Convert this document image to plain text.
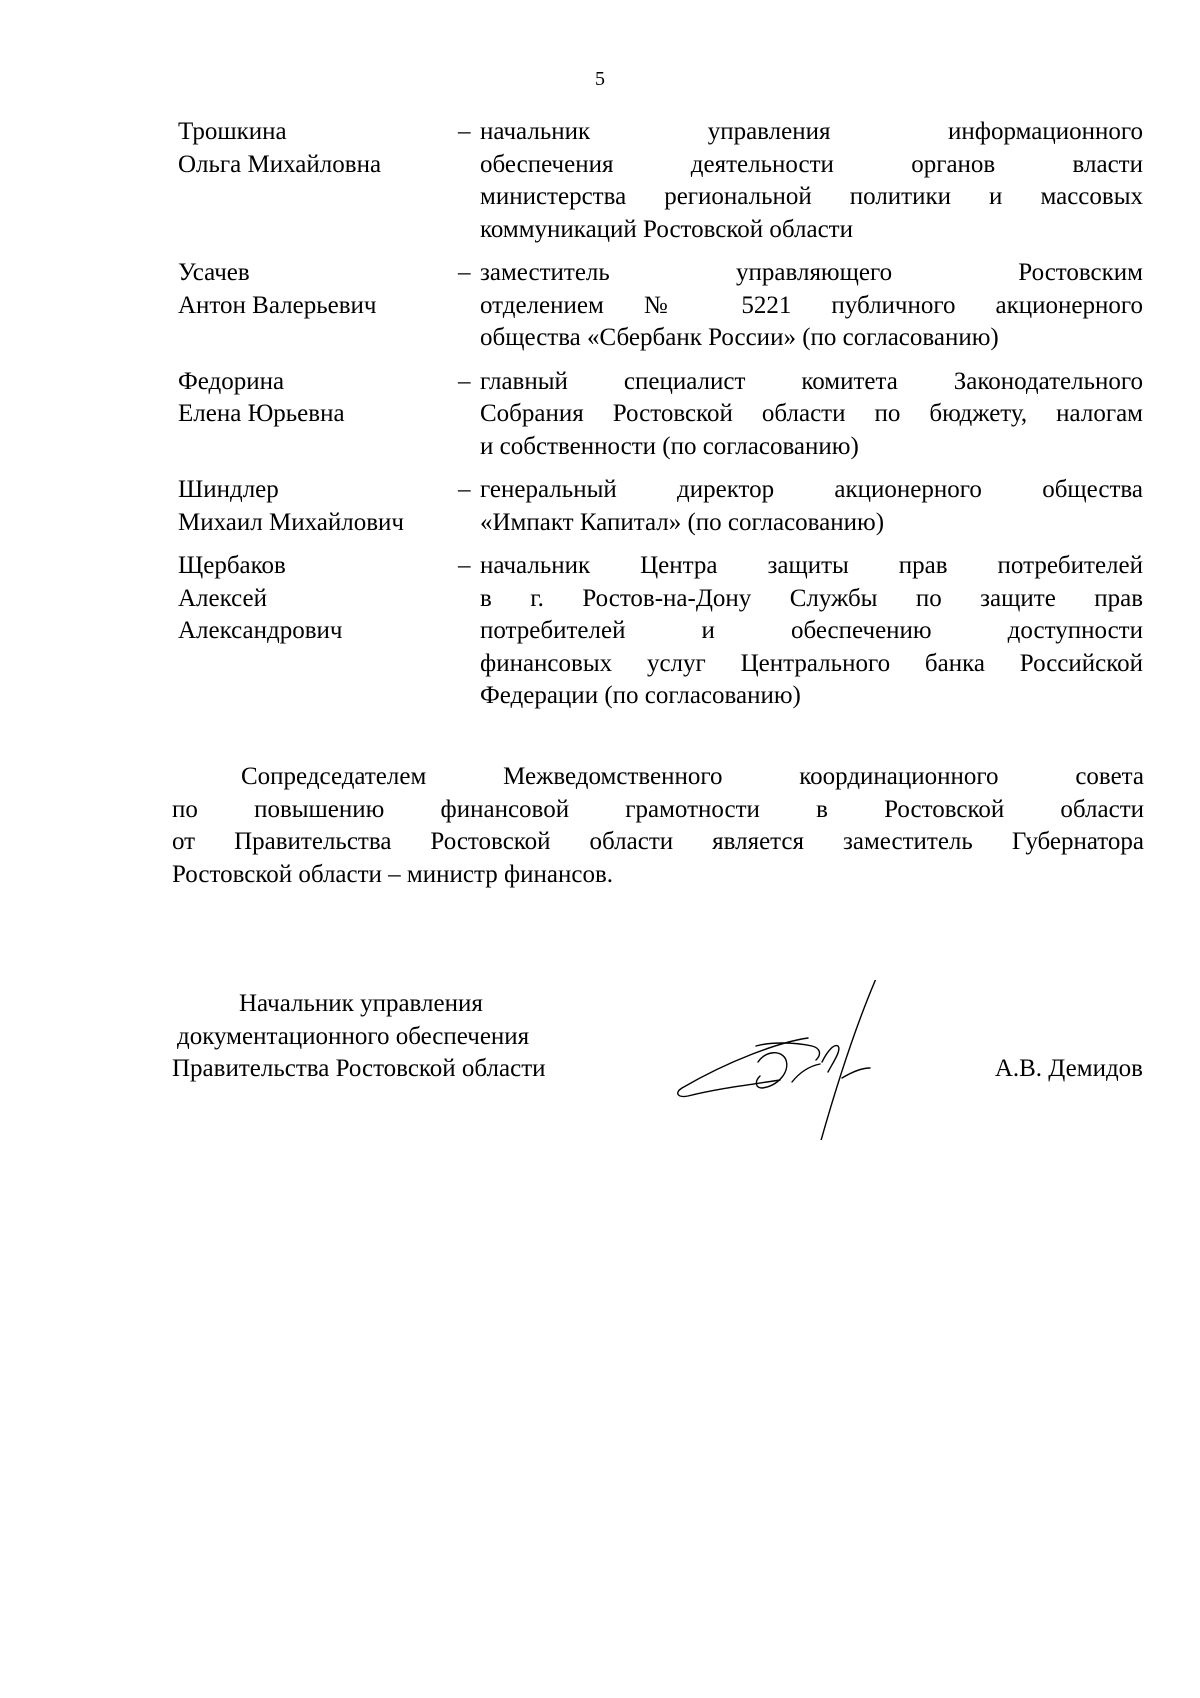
5
Трошкина
Ольга Михайловна
– начальник управления информационного
обеспечения деятельности органов власти
министерства региональной политики и массовых
коммуникаций Ростовской области
Усачев
Антон Валерьевич
– заместитель управляющего Ростовским
отделением № 5221 публичного акционерного
общества «Сбербанк России» (по согласованию)
Федорина
Елена Юрьевна
– главный специалист комитета Законодательного
Собрания Ростовской области по бюджету, налогам
и собственности (по согласованию)
Шиндлер
Михаил Михайлович
– генеральный директор акционерного общества
«Импакт Капитал» (по согласованию)
Щербаков
Алексей
Александрович
– начальник Центра защиты прав потребителей
в г. Ростов-на-Дону Службы по защите прав
потребителей и обеспечению доступности
финансовых услуг Центрального банка Российской
Федерации (по согласованию)
Сопредседателем Межведомственного координационного совета
по повышению финансовой грамотности в Ростовской области
от Правительства Ростовской области является заместитель Губернатора
Ростовской области – министр финансов.
Начальник управления
документационного обеспечения
Правительства Ростовской области	А.В. Демидов
